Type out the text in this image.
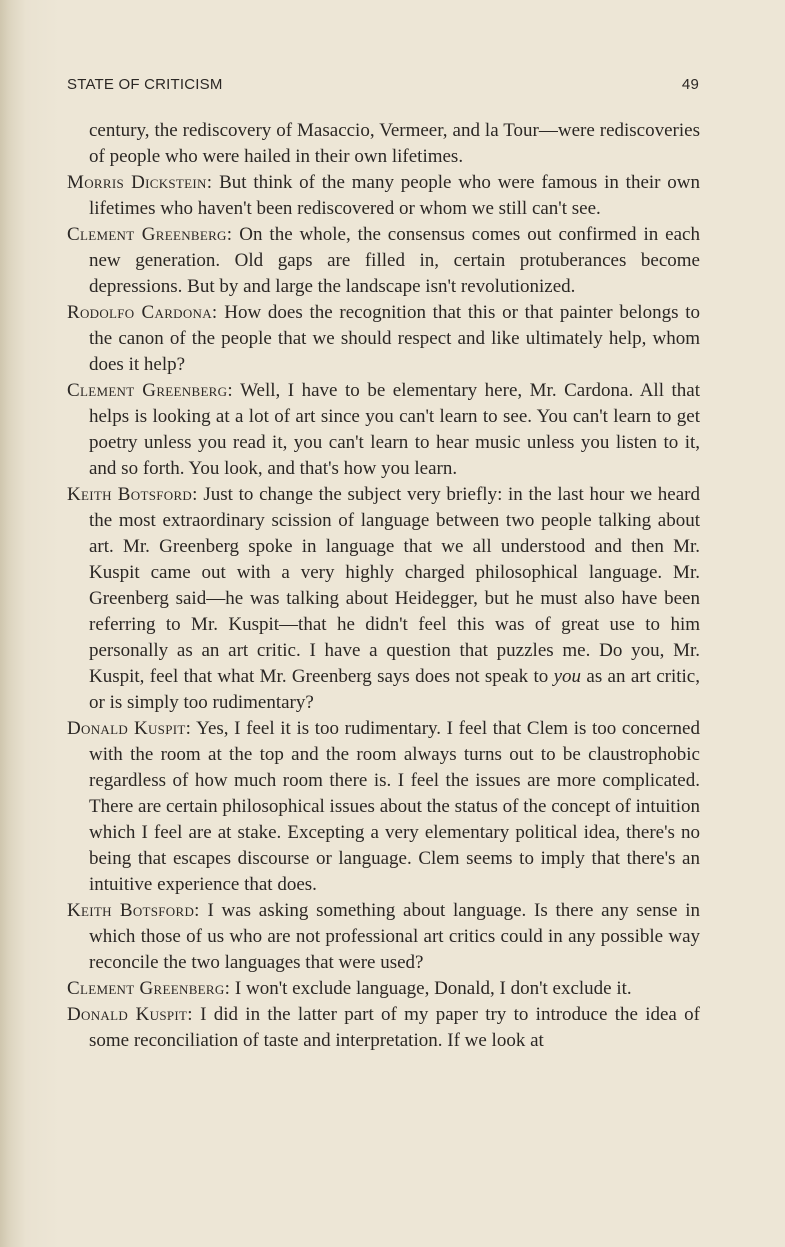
STATE OF CRITICISM	49

century, the rediscovery of Masaccio, Vermeer, and la Tour—were rediscoveries of people who were hailed in their own lifetimes.

Morris Dickstein: But think of the many people who were famous in their own lifetimes who haven't been rediscovered or whom we still can't see.

Clement Greenberg: On the whole, the consensus comes out confirmed in each new generation. Old gaps are filled in, certain protuberances become depressions. But by and large the landscape isn't revolutionized.

Rodolfo Cardona: How does the recognition that this or that painter belongs to the canon of the people that we should respect and like ultimately help, whom does it help?

Clement Greenberg: Well, I have to be elementary here, Mr. Cardona. All that helps is looking at a lot of art since you can't learn to see. You can't learn to get poetry unless you read it, you can't learn to hear music unless you listen to it, and so forth. You look, and that's how you learn.

Keith Botsford: Just to change the subject very briefly: in the last hour we heard the most extraordinary scission of language between two people talking about art. Mr. Greenberg spoke in language that we all understood and then Mr. Kuspit came out with a very highly charged philosophical language. Mr. Greenberg said—he was talking about Heidegger, but he must also have been referring to Mr. Kuspit—that he didn't feel this was of great use to him personally as an art critic. I have a question that puzzles me. Do you, Mr. Kuspit, feel that what Mr. Greenberg says does not speak to you as an art critic, or is simply too rudimentary?

Donald Kuspit: Yes, I feel it is too rudimentary. I feel that Clem is too concerned with the room at the top and the room always turns out to be claustrophobic regardless of how much room there is. I feel the issues are more complicated. There are certain philosophical issues about the status of the concept of intuition which I feel are at stake. Excepting a very elementary political idea, there's no being that escapes discourse or language. Clem seems to imply that there's an intuitive experience that does.

Keith Botsford: I was asking something about language. Is there any sense in which those of us who are not professional art critics could in any possible way reconcile the two languages that were used?

Clement Greenberg: I won't exclude language, Donald, I don't exclude it.

Donald Kuspit: I did in the latter part of my paper try to introduce the idea of some reconciliation of taste and interpretation. If we look at
